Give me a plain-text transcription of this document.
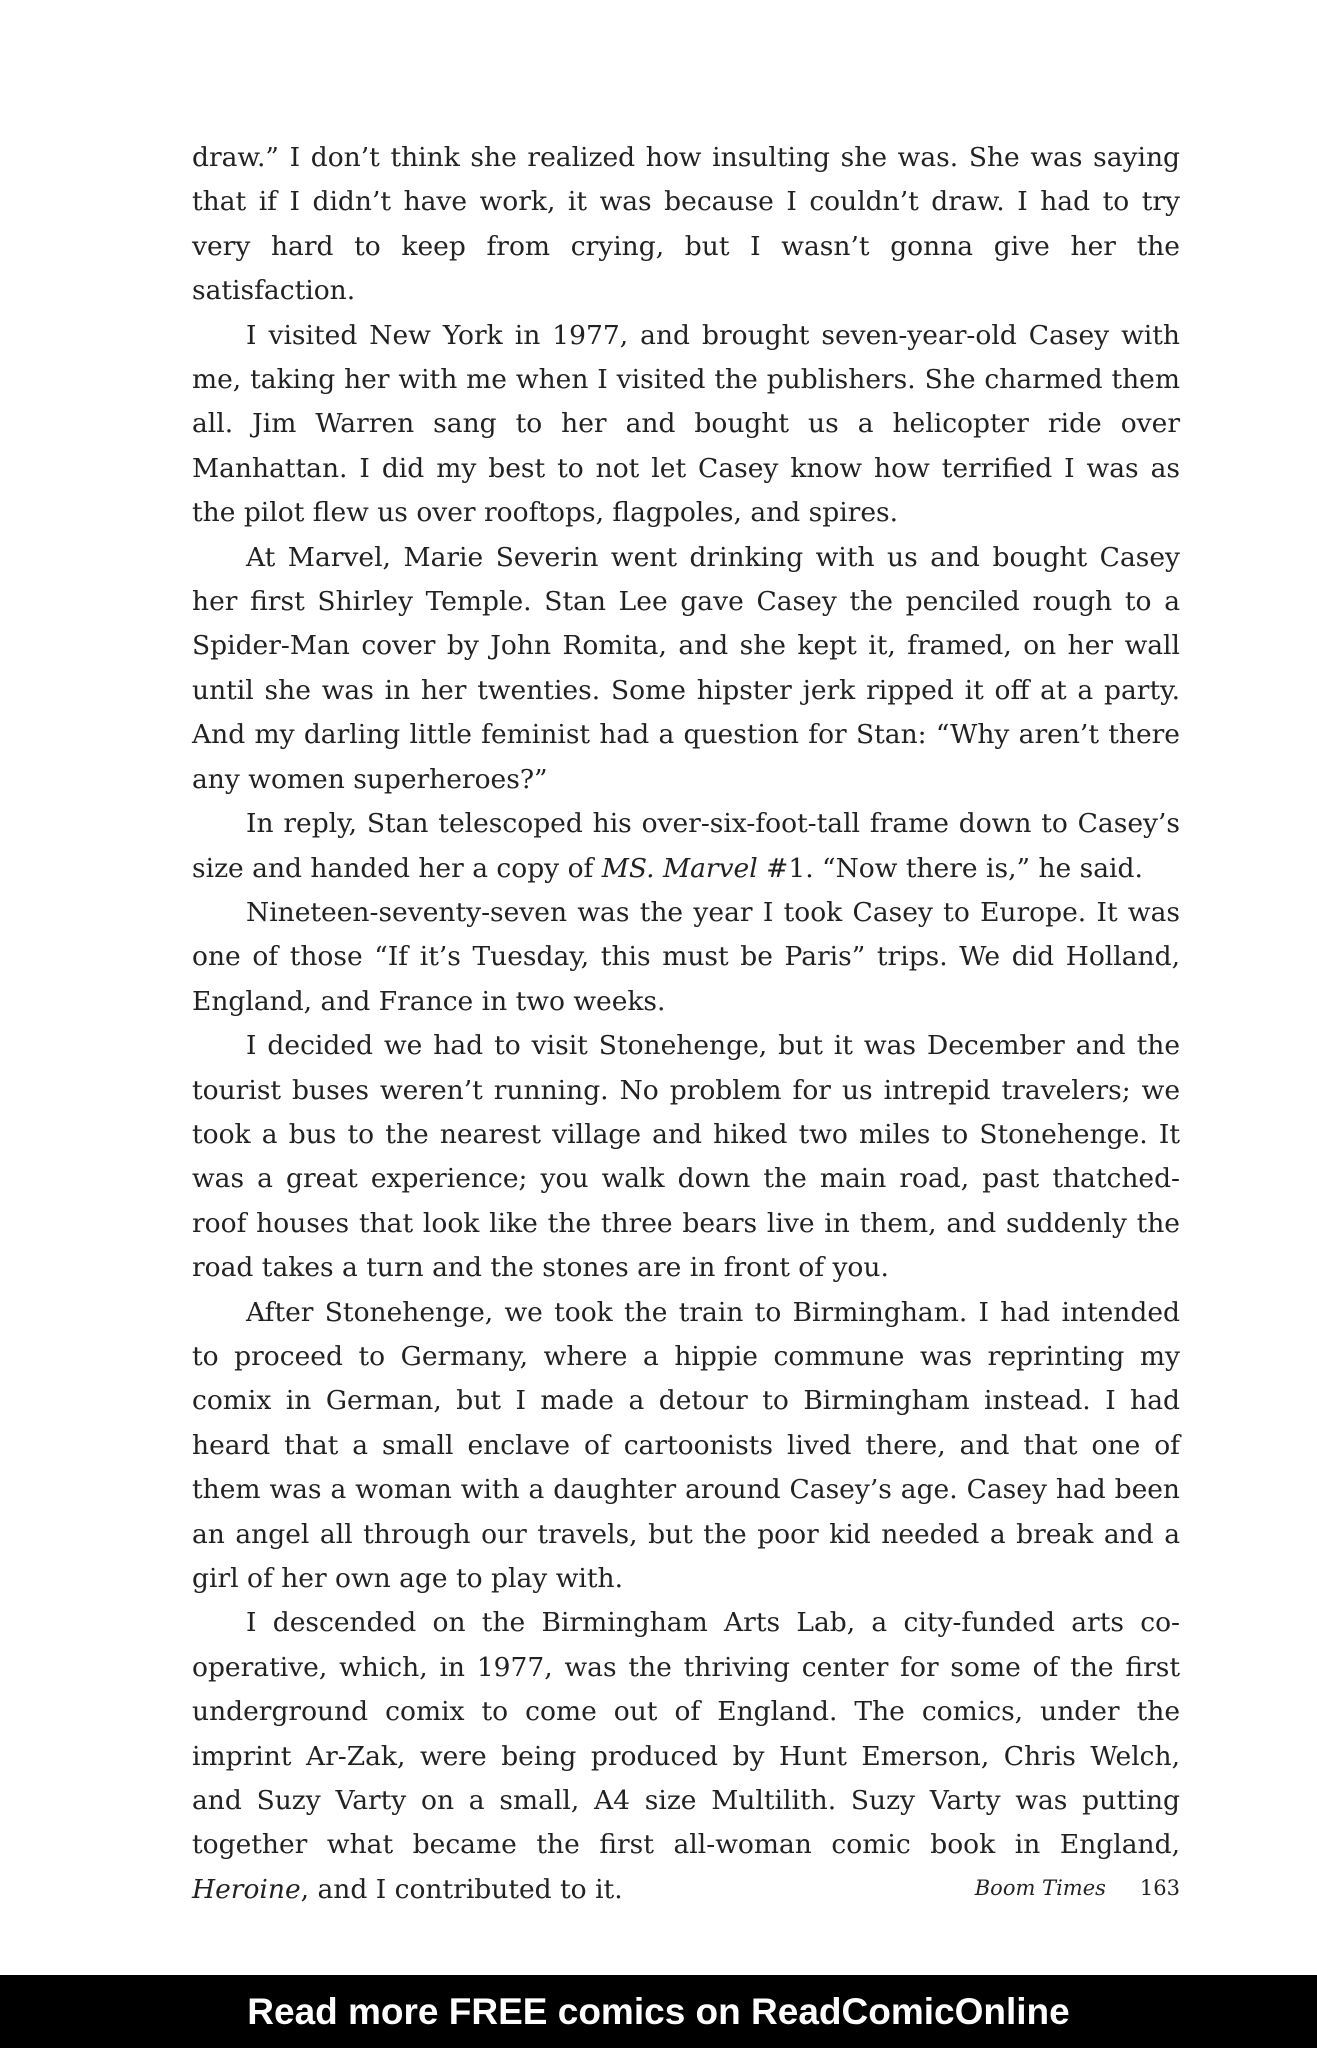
draw.” I don’t think she realized how insulting she was. She was saying that if I didn’t have work, it was because I couldn’t draw. I had to try very hard to keep from crying, but I wasn’t gonna give her the satisfaction.

I visited New York in 1977, and brought seven-year-old Casey with me, taking her with me when I visited the publishers. She charmed them all. Jim Warren sang to her and bought us a helicopter ride over Manhattan. I did my best to not let Casey know how terrified I was as the pilot flew us over rooftops, flagpoles, and spires.

At Marvel, Marie Severin went drinking with us and bought Casey her first Shirley Temple. Stan Lee gave Casey the penciled rough to a Spider-Man cover by John Romita, and she kept it, framed, on her wall until she was in her twenties. Some hipster jerk ripped it off at a party. And my darling little feminist had a question for Stan: “Why aren’t there any women superheroes?”

In reply, Stan telescoped his over-six-foot-tall frame down to Casey’s size and handed her a copy of MS. Marvel #1. “Now there is,” he said.

Nineteen-seventy-seven was the year I took Casey to Europe. It was one of those “If it’s Tuesday, this must be Paris” trips. We did Holland, England, and France in two weeks.

I decided we had to visit Stonehenge, but it was December and the tourist buses weren’t running. No problem for us intrepid travelers; we took a bus to the nearest village and hiked two miles to Stonehenge. It was a great experience; you walk down the main road, past thatched-roof houses that look like the three bears live in them, and suddenly the road takes a turn and the stones are in front of you.

After Stonehenge, we took the train to Birmingham. I had intended to proceed to Germany, where a hippie commune was reprinting my comix in German, but I made a detour to Birmingham instead. I had heard that a small enclave of cartoonists lived there, and that one of them was a woman with a daughter around Casey’s age. Casey had been an angel all through our travels, but the poor kid needed a break and a girl of her own age to play with.

I descended on the Birmingham Arts Lab, a city-funded arts co-operative, which, in 1977, was the thriving center for some of the first underground comix to come out of England. The comics, under the imprint Ar-Zak, were being produced by Hunt Emerson, Chris Welch, and Suzy Varty on a small, A4 size Multilith. Suzy Varty was putting together what became the first all-woman comic book in England, Heroine, and I contributed to it.	Boom Times 163
Read more FREE comics on ReadComicOnline
